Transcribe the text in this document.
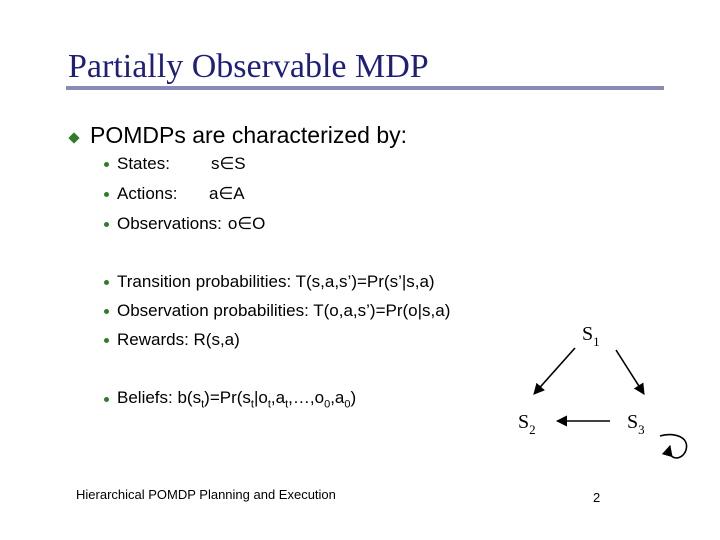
Partially Observable MDP
POMDPs are characterized by:
States:	s∈S
Actions:	a∈A
Observations: o∈O
Transition probabilities: T(s,a,s’)=Pr(s’|s,a)
Observation probabilities: T(o,a,s’)=Pr(o|s,a)
Rewards: R(s,a)
Beliefs: $b(s_t)=Pr(s_t|o_t,a_t,\dots,o_0,a_0)$
$S_1$
$S_2$	$S_3$
Hierarchical POMDP Planning and Execution	2
